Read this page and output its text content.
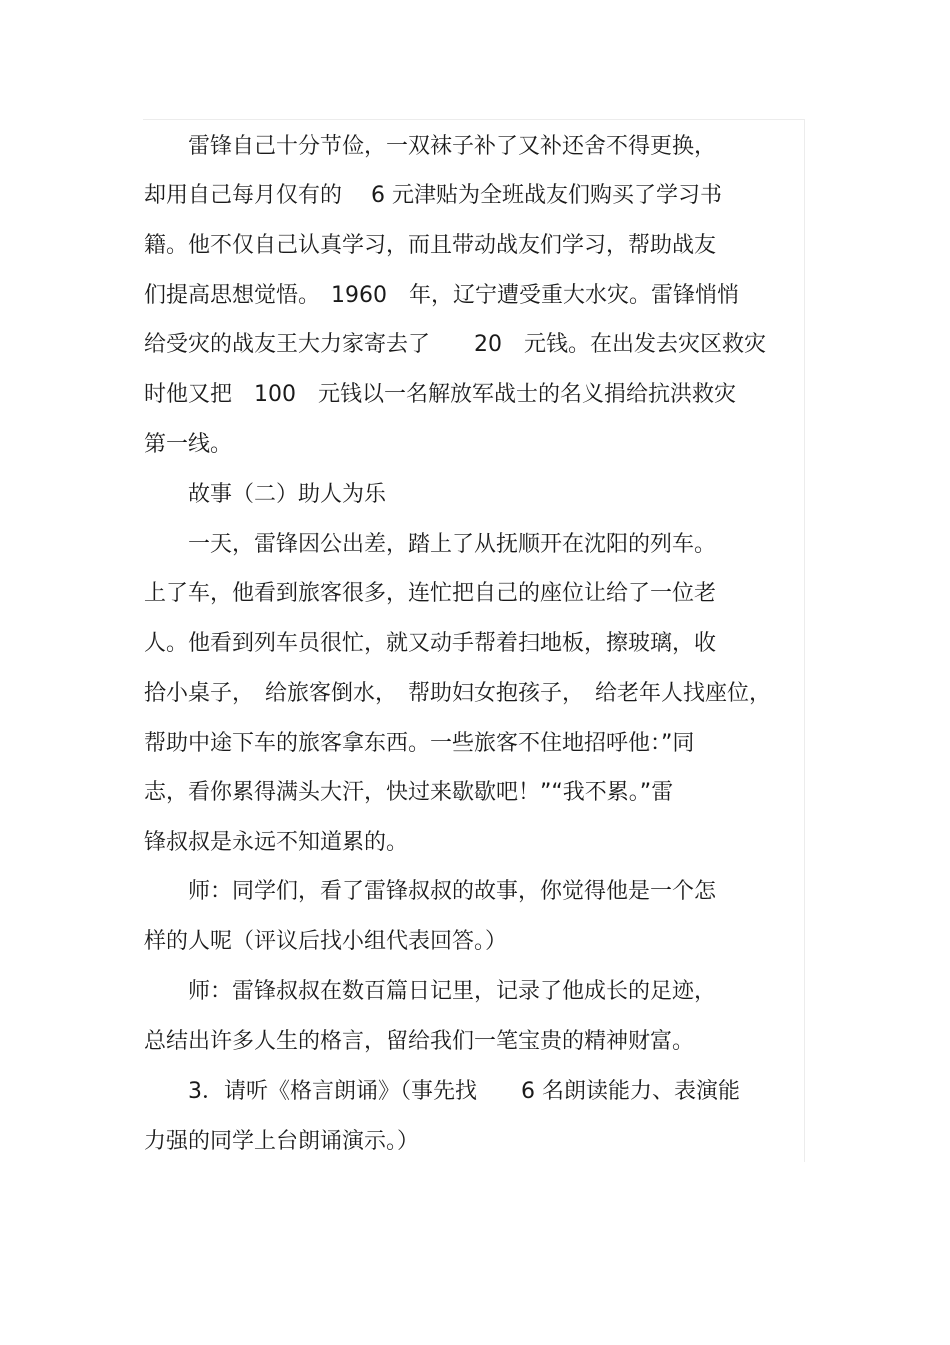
　　雷锋自己十分节俭，一双袜子补了又补还舍不得更换，
却用自己每月仅有的　 6 元津贴为全班战友们购买了学习书
籍。他不仅自己认真学习，而且带动战友们学习，帮助战友
们提高思想觉悟。　1960　年，辽宁遭受重大水灾。雷锋悄悄
给受灾的战友王大力家寄去了　　20　元钱。在出发去灾区救灾
时他又把　100　元钱以一名解放军战士的名义捐给抗洪救灾
第一线。
　　故事（二）助人为乐
　　一天，雷锋因公出差，踏上了从抚顺开在沈阳的列车。
上了车，他看到旅客很多，连忙把自己的座位让给了一位老
人。他看到列车员很忙，就又动手帮着扫地板，擦玻璃，收
拾小桌子，　给旅客倒水，　帮助妇女抱孩子，　给老年人找座位，
帮助中途下车的旅客拿东西。一些旅客不住地招呼他：”同
志，看你累得满头大汗，快过来歇歇吧！”“我不累。”雷
锋叔叔是永远不知道累的。
　　师：同学们，看了雷锋叔叔的故事，你觉得他是一个怎
样的人呢（评议后找小组代表回答。）
　　师：雷锋叔叔在数百篇日记里，记录了他成长的足迹，
总结出许多人生的格言，留给我们一笔宝贵的精神财富。
　　3．请听《格言朗诵》（事先找　　6 名朗读能力、表演能
力强的同学上台朗诵演示。）
